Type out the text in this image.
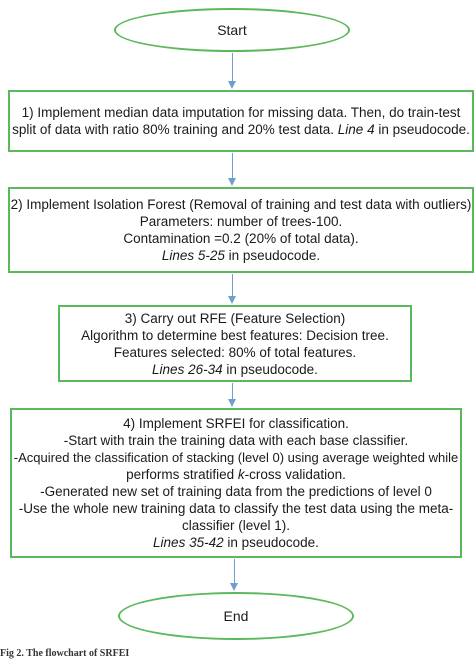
Start
1) Implement median data imputation for missing data. Then, do train-test
split of data with ratio 80% training and 20% test data. Line 4 in pseudocode.
2) Implement Isolation Forest (Removal of training and test data with outliers)
Parameters: number of trees-100.
Contamination =0.2 (20% of total data).
Lines 5-25 in pseudocode.
3) Carry out RFE (Feature Selection)
Algorithm to determine best features: Decision tree.
Features selected: 80% of total features.
Lines 26-34 in pseudocode.
4) Implement SRFEI for classification.
-Start with train the training data with each base classifier.
-Acquired the classification of stacking (level 0) using average weighted while
performs stratified k-cross validation.
-Generated new set of training data from the predictions of level 0
-Use the whole new training data to classify the test data using the meta-
classifier (level 1).
Lines 35-42 in pseudocode.
End
Fig 2. The flowchart of SRFEI
